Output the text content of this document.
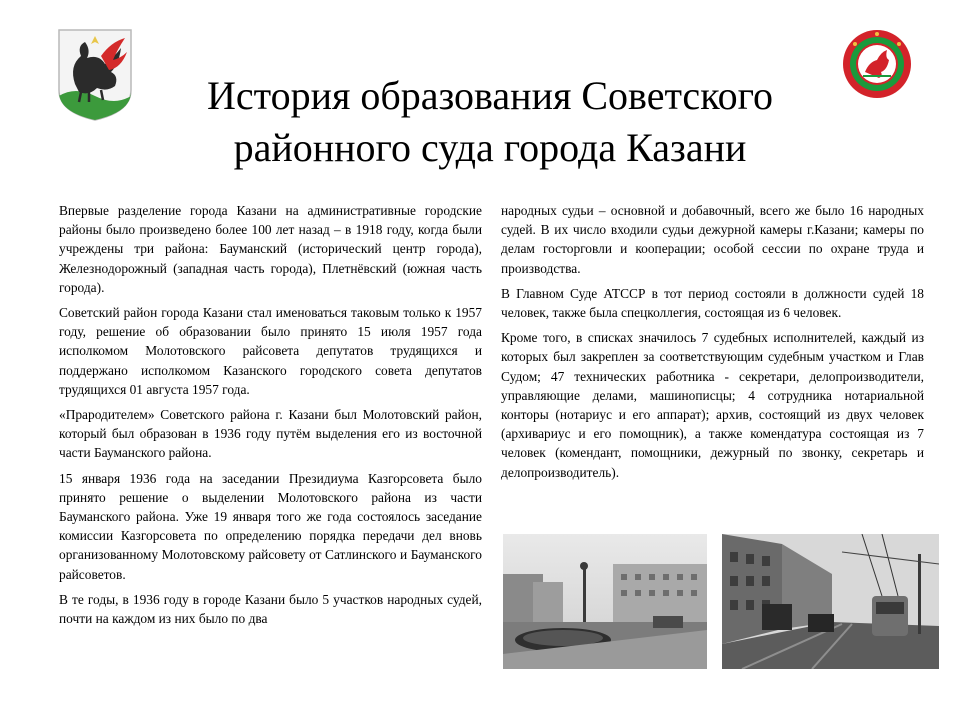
История образования Советского районного суда города Казани

Впервые разделение города Казани на административные городские районы было произведено более 100 лет назад – в 1918 году, когда были учреждены три района: Бауманский (исторический центр города), Железнодорожный (западная часть города), Плетнёвский (южная часть города).

Советский район города Казани стал именоваться таковым только к 1957 году, решение об образовании было принято 15 июля 1957 года исполкомом Молотовского райсовета депутатов трудящихся и поддержано исполкомом Казанского городского совета депутатов трудящихся 01 августа 1957 года.

«Прародителем» Советского района г. Казани был Молотовский район, который был образован в 1936 году путём выделения его из восточной части Бауманского района.

15 января 1936 года на заседании Президиума Казгорсовета было принято решение о выделении Молотовского района из части Бауманского района. Уже 19 января того же года состоялось заседание комиссии Казгорсовета по определению порядка передачи дел вновь организованному Молотовскому райсовету от Сатлинского и Бауманского райсоветов.

В те годы, в 1936 году в городе Казани было 5 участков народных судей, почти на каждом из них было по два

народных судьи – основной и добавочный, всего же было 16 народных судей. В их число входили судьи дежурной камеры г.Казани; камеры по делам госторговли и кооперации; особой сессии по охране труда и производства.

В Главном Суде АТССР в тот период состояли в должности судей 18 человек, также была спецколлегия, состоящая из 6 человек.

Кроме того, в списках значилось 7 судебных исполнителей, каждый из которых был закреплен за соответствующим судебным участком и Глав Судом; 47 технических работника - секретари, делопроизводители, управляющие делами, машинописцы; 4 сотрудника нотариальной конторы (нотариус и его аппарат); архив, состоящий из двух человек (архивариус и его помощник), а также комендатура состоящая из 7 человек (комендант, помощники, дежурный по звонку, секретарь и делопроизводитель).
